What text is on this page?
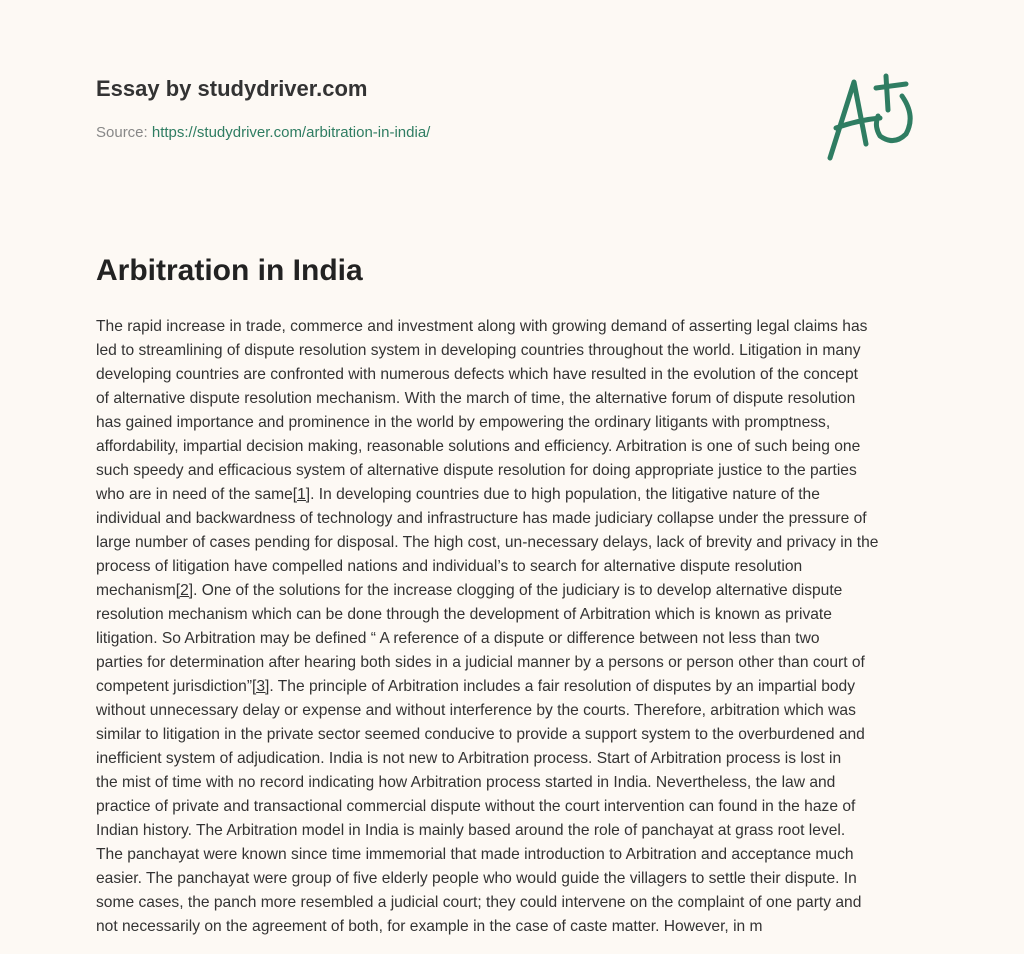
Essay by studydriver.com
Source: https://studydriver.com/arbitration-in-india/
Arbitration in India
The rapid increase in trade, commerce and investment along with growing demand of asserting legal claims has
led to streamlining of dispute resolution system in developing countries throughout the world. Litigation in many
developing countries are confronted with numerous defects which have resulted in the evolution of the concept
of alternative dispute resolution mechanism. With the march of time, the alternative forum of dispute resolution
has gained importance and prominence in the world by empowering the ordinary litigants with promptness,
affordability, impartial decision making, reasonable solutions and efficiency. Arbitration is one of such being one
such speedy and efficacious system of alternative dispute resolution for doing appropriate justice to the parties
who are in need of the same[1]. In developing countries due to high population, the litigative nature of the
individual and backwardness of technology and infrastructure has made judiciary collapse under the pressure of
large number of cases pending for disposal. The high cost, un-necessary delays, lack of brevity and privacy in the
process of litigation have compelled nations and individual’s to search for alternative dispute resolution
mechanism[2]. One of the solutions for the increase clogging of the judiciary is to develop alternative dispute
resolution mechanism which can be done through the development of Arbitration which is known as private
litigation. So Arbitration may be defined “ A reference of a dispute or difference between not less than two
parties for determination after hearing both sides in a judicial manner by a persons or person other than court of
competent jurisdiction”[3]. The principle of Arbitration includes a fair resolution of disputes by an impartial body
without unnecessary delay or expense and without interference by the courts. Therefore, arbitration which was
similar to litigation in the private sector seemed conducive to provide a support system to the overburdened and
inefficient system of adjudication. India is not new to Arbitration process. Start of Arbitration process is lost in
the mist of time with no record indicating how Arbitration process started in India. Nevertheless, the law and
practice of private and transactional commercial dispute without the court intervention can found in the haze of
Indian history. The Arbitration model in India is mainly based around the role of panchayat at grass root level.
The panchayat were known since time immemorial that made introduction to Arbitration and acceptance much
easier. The panchayat were group of five elderly people who would guide the villagers to settle their dispute. In
some cases, the panch more resembled a judicial court; they could intervene on the complaint of one party and
not necessarily on the agreement of both, for example in the case of caste matter. However, in m
